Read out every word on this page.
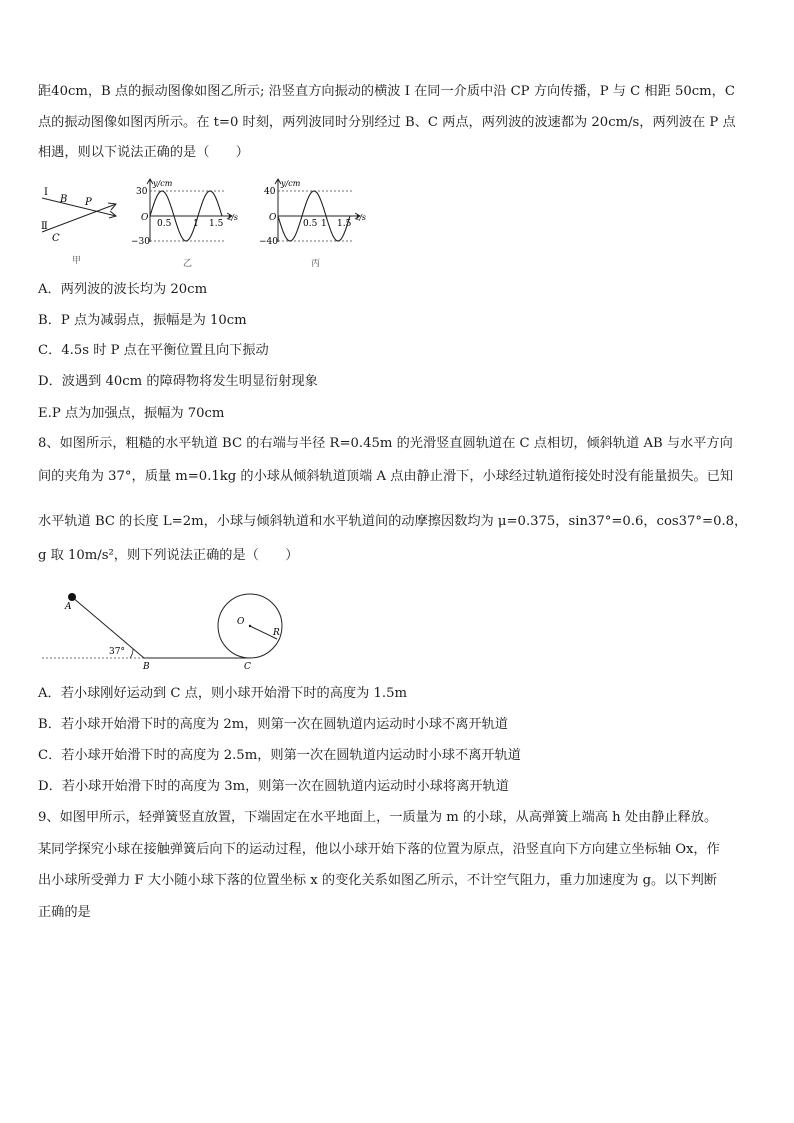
距40cm，B 点的振动图像如图乙所示; 沿竖直方向振动的横波 I 在同一介质中沿 CP 方向传播，P 与 C 相距 50cm，C
点的振动图像如图丙所示。在 t=0 时刻，两列波同时分别经过 B、C 两点，两列波的波速都为 20cm/s，两列波在 P 点
相遇，则以下说法正确的是（　　）
Ⅰ
Ⅱ
B P
C
甲
y/cm
t/s
30
−30
O
0.5 1 1.5
乙
y/cm
t/s
40
−40
O
0.5 1 1.5
丙
A．两列波的波长均为 20cm
B．P 点为减弱点，振幅是为 10cm
C．4.5s 时 P 点在平衡位置且向下振动
D．波遇到 40cm 的障碍物将发生明显衍射现象
E.P 点为加强点，振幅为 70cm
8、如图所示，粗糙的水平轨道 BC 的右端与半径 R=0.45m 的光滑竖直圆轨道在 C 点相切，倾斜轨道 AB 与水平方向
间的夹角为 37°，质量 m=0.1kg 的小球从倾斜轨道顶端 A 点由静止滑下，小球经过轨道衔接处时没有能量损失。已知
水平轨道 BC 的长度 L=2m，小球与倾斜轨道和水平轨道间的动摩擦因数均为 μ=0.375，sin37°=0.6，cos37°=0.8，
g 取 10m/s²，则下列说法正确的是（　　）
A
B	C
O
R
37°
A．若小球刚好运动到 C 点，则小球开始滑下时的高度为 1.5m
B．若小球开始滑下时的高度为 2m，则第一次在圆轨道内运动时小球不离开轨道
C．若小球开始滑下时的高度为 2.5m，则第一次在圆轨道内运动时小球不离开轨道
D．若小球开始滑下时的高度为 3m，则第一次在圆轨道内运动时小球将离开轨道
9、如图甲所示，轻弹簧竖直放置，下端固定在水平地面上，一质量为 m 的小球，从高弹簧上端高 h 处由静止释放。
某同学探究小球在接触弹簧后向下的运动过程，他以小球开始下落的位置为原点，沿竖直向下方向建立坐标轴 Ox，作
出小球所受弹力 F 大小随小球下落的位置坐标 x 的变化关系如图乙所示，不计空气阻力，重力加速度为 g。以下判断
正确的是
